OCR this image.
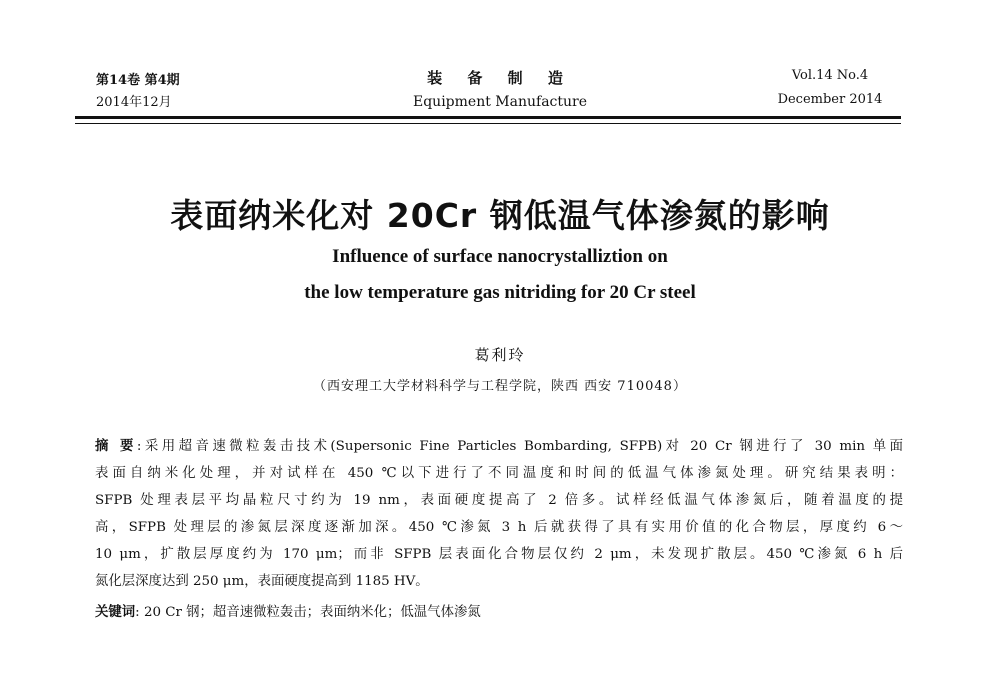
第14卷 第4期
2014年12月
装 备 制 造
Equipment Manufacture
Vol.14 No.4
December 2014
表面纳米化对 20Cr 钢低温气体渗氮的影响
Influence of surface nanocrystalliztion on
the low temperature gas nitriding for 20 Cr steel
葛利玲
（西安理工大学材料科学与工程学院，陕西 西安 710048）
摘 要:采用超音速微粒轰击技术(Supersonic Fine Particles Bombarding, SFPB)对 20 Cr 钢进行了 30 min 单面
表面自纳米化处理，并对试样在 450 ℃以下进行了不同温度和时间的低温气体渗氮处理。研究结果表明：
SFPB 处理表层平均晶粒尺寸约为 19 nm，表面硬度提高了 2 倍多。试样经低温气体渗氮后，随着温度的提
高，SFPB 处理层的渗氮层深度逐渐加深。450 ℃渗氮 3 h 后就获得了具有实用价值的化合物层，厚度约 6～
10 μm，扩散层厚度约为 170 μm；而非 SFPB 层表面化合物层仅约 2 μm，未发现扩散层。450 ℃渗氮 6 h 后
氮化层深度达到 250 μm，表面硬度提高到 1185 HV。
关键词: 20 Cr 钢；超音速微粒轰击；表面纳米化；低温气体渗氮
